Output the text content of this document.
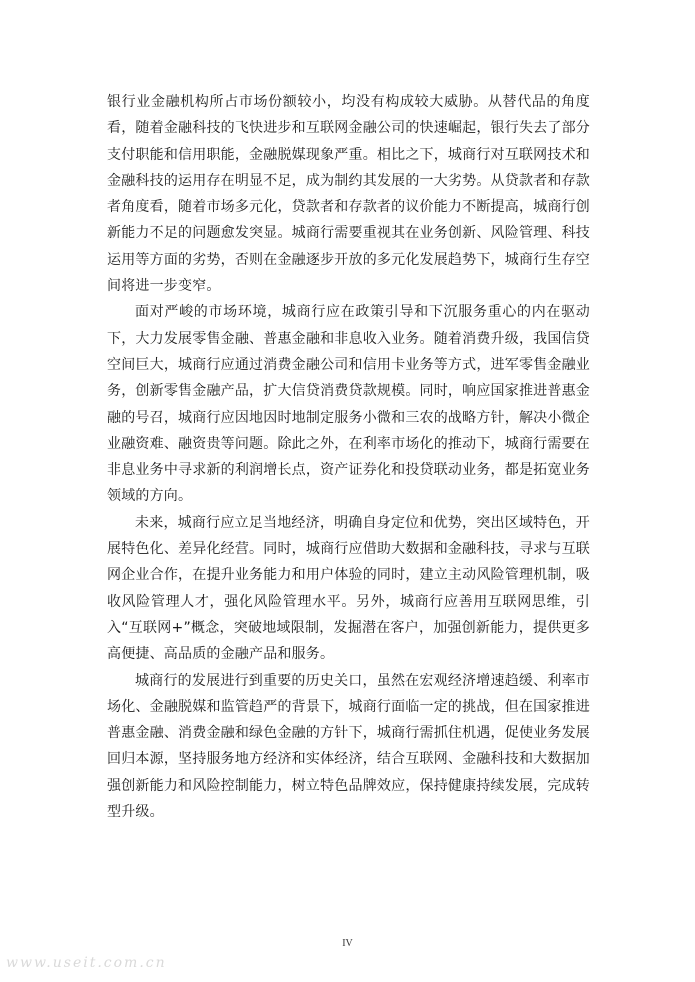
银行业金融机构所占市场份额较小，均没有构成较大威胁。从替代品的角度看，随着金融科技的飞快进步和互联网金融公司的快速崛起，银行失去了部分支付职能和信用职能，金融脱媒现象严重。相比之下，城商行对互联网技术和金融科技的运用存在明显不足，成为制约其发展的一大劣势。从贷款者和存款者角度看，随着市场多元化，贷款者和存款者的议价能力不断提高，城商行创新能力不足的问题愈发突显。城商行需要重视其在业务创新、风险管理、科技运用等方面的劣势，否则在金融逐步开放的多元化发展趋势下，城商行生存空间将进一步变窄。

面对严峻的市场环境，城商行应在政策引导和下沉服务重心的内在驱动下，大力发展零售金融、普惠金融和非息收入业务。随着消费升级，我国信贷空间巨大，城商行应通过消费金融公司和信用卡业务等方式，进军零售金融业务，创新零售金融产品，扩大信贷消费贷款规模。同时，响应国家推进普惠金融的号召，城商行应因地因时地制定服务小微和三农的战略方针，解决小微企业融资难、融资贵等问题。除此之外，在利率市场化的推动下，城商行需要在非息业务中寻求新的利润增长点，资产证券化和投贷联动业务，都是拓宽业务领域的方向。

未来，城商行应立足当地经济，明确自身定位和优势，突出区域特色，开展特色化、差异化经营。同时，城商行应借助大数据和金融科技，寻求与互联网企业合作，在提升业务能力和用户体验的同时，建立主动风险管理机制，吸收风险管理人才，强化风险管理水平。另外，城商行应善用互联网思维，引入“互联网+”概念，突破地域限制，发掘潜在客户，加强创新能力，提供更多高便捷、高品质的金融产品和服务。

城商行的发展进行到重要的历史关口，虽然在宏观经济增速趋缓、利率市场化、金融脱媒和监管趋严的背景下，城商行面临一定的挑战，但在国家推进普惠金融、消费金融和绿色金融的方针下，城商行需抓住机遇，促使业务发展回归本源，坚持服务地方经济和实体经济，结合互联网、金融科技和大数据加强创新能力和风险控制能力，树立特色品牌效应，保持健康持续发展，完成转型升级。

IV
www.useit.com.cn
